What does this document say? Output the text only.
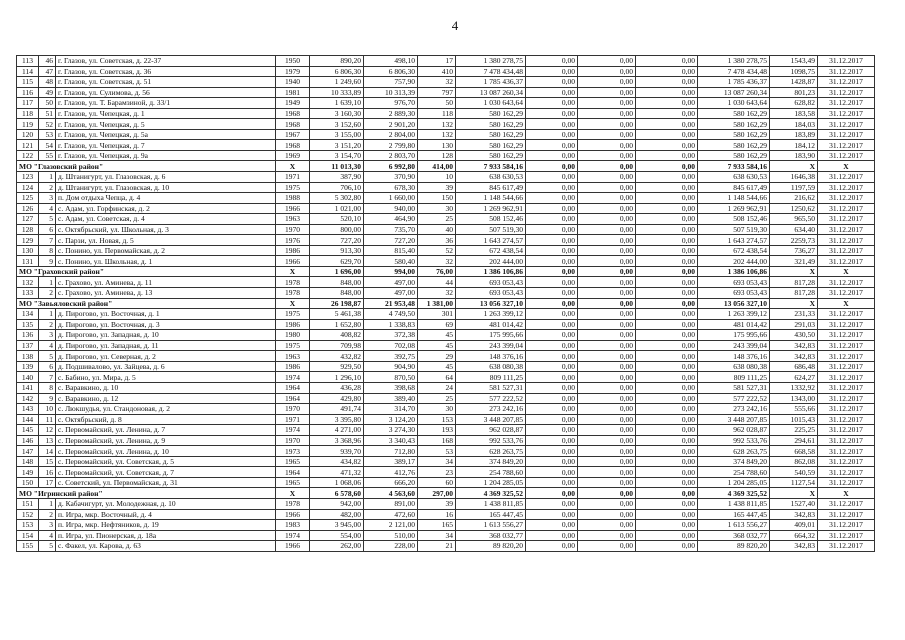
4
113	46	г. Глазов, ул. Советская, д. 22-37	1950	890,20	498,10	17	1 380 278,75	0,00	0,00	0,00	1 380 278,75	1543,49	31.12.2017
114	47	г. Глазов, ул. Советская, д. 36	1979	6 806,30	6 806,30	410	7 478 434,48	0,00	0,00	0,00	7 478 434,48	1098,75	31.12.2017
115	48	г. Глазов, ул. Советская, д. 51	1940	1 249,60	757,90	32	1 785 436,37	0,00	0,00	0,00	1 785 436,37	1428,87	31.12.2017
116	49	г. Глазов, ул. Сулимова, д. 56	1981	10 333,89	10 313,39	797	13 087 260,34	0,00	0,00	0,00	13 087 260,34	801,23	31.12.2017
117	50	г. Глазов, ул. Т. Барамзиной, д. 33/1	1949	1 639,10	976,70	50	1 030 643,64	0,00	0,00	0,00	1 030 643,64	628,82	31.12.2017
118	51	г. Глазов, ул. Чепецкая, д. 1	1968	3 160,30	2 889,30	118	580 162,29	0,00	0,00	0,00	580 162,29	183,58	31.12.2017
119	52	г. Глазов, ул. Чепецкая, д. 5	1968	3 152,60	2 901,20	132	580 162,29	0,00	0,00	0,00	580 162,29	184,03	31.12.2017
120	53	г. Глазов, ул. Чепецкая, д. 5а	1967	3 155,00	2 804,00	132	580 162,29	0,00	0,00	0,00	580 162,29	183,89	31.12.2017
121	54	г. Глазов, ул. Чепецкая, д. 7	1968	3 151,20	2 799,80	130	580 162,29	0,00	0,00	0,00	580 162,29	184,12	31.12.2017
122	55	г. Глазов, ул. Чепецкая, д. 9а	1969	3 154,70	2 803,70	128	580 162,29	0,00	0,00	0,00	580 162,29	183,90	31.12.2017
МО "Глазовский район"			X	11 013,30	6 992,80	414,00	7 933 584,16	0,00	0,00	0,00	7 933 584,16	X	X
123	1	д. Штанигурт, ул. Глазовская, д. 6	1971	387,90	370,90	10	638 630,53	0,00	0,00	0,00	638 630,53	1646,38	31.12.2017
124	2	д. Штанигурт, ул. Глазовская, д. 10	1975	706,10	678,30	39	845 617,49	0,00	0,00	0,00	845 617,49	1197,59	31.12.2017
125	3	п. Дом отдыха Чепца, д. 4	1988	5 302,80	1 660,00	150	1 148 544,66	0,00	0,00	0,00	1 148 544,66	216,62	31.12.2017
126	4	с. Адам, ул. Горфинская, д. 2	1966	1 021,00	940,00	30	1 269 962,91	0,00	0,00	0,00	1 269 962,91	1250,62	31.12.2017
127	5	с. Адам, ул. Советская, д. 4	1963	520,10	464,90	25	508 152,46	0,00	0,00	0,00	508 152,46	965,50	31.12.2017
128	6	с. Октябрьский, ул. Школьная, д. 3	1970	800,00	735,70	40	507 519,30	0,00	0,00	0,00	507 519,30	634,40	31.12.2017
129	7	с. Парзи, ул. Новая, д. 5	1976	727,20	727,20	36	1 643 274,57	0,00	0,00	0,00	1 643 274,57	2259,73	31.12.2017
130	8	с. Понино, ул. Первомайская, д. 2	1986	913,30	815,40	52	672 438,54	0,00	0,00	0,00	672 438,54	736,27	31.12.2017
131	9	с. Понино, ул. Школьная, д. 1	1966	629,70	580,40	32	202 444,00	0,00	0,00	0,00	202 444,00	321,49	31.12.2017
МО "Граховский район"			X	1 696,00	994,00	76,00	1 386 106,86	0,00	0,00	0,00	1 386 106,86	X	X
132	1	с. Грахово, ул. Аминева, д. 11	1978	848,00	497,00	44	693 053,43	0,00	0,00	0,00	693 053,43	817,28	31.12.2017
133	2	с. Грахово, ул. Аминева, д. 13	1978	848,00	497,00	32	693 053,43	0,00	0,00	0,00	693 053,43	817,28	31.12.2017
МО "Завьяловский район"			X	26 198,87	21 953,48	1 381,00	13 056 327,10	0,00	0,00	0,00	13 056 327,10	X	X
134	1	д. Пирогово, ул. Восточная, д. 1	1975	5 461,38	4 749,50	301	1 263 399,12	0,00	0,00	0,00	1 263 399,12	231,33	31.12.2017
135	2	д. Пирогово, ул. Восточная, д. 3	1986	1 652,80	1 338,83	69	481 014,42	0,00	0,00	0,00	481 014,42	291,03	31.12.2017
136	3	д. Пирогово, ул. Западная, д. 10	1980	408,82	372,38	45	175 995,66	0,00	0,00	0,00	175 995,66	430,50	31.12.2017
137	4	д. Пирогово, ул. Западная, д. 11	1975	709,98	702,08	45	243 399,04	0,00	0,00	0,00	243 399,04	342,83	31.12.2017
138	5	д. Пирогово, ул. Северная, д. 2	1963	432,82	392,75	29	148 376,16	0,00	0,00	0,00	148 376,16	342,83	31.12.2017
139	6	д. Подшивалово, ул. Зайцева, д. 6	1986	929,50	904,90	45	638 080,38	0,00	0,00	0,00	638 080,38	686,48	31.12.2017
140	7	с. Бабино, ул. Мира, д. 5	1974	1 296,10	870,50	64	809 111,25	0,00	0,00	0,00	809 111,25	624,27	31.12.2017
141	8	с. Варавкино, д. 10	1964	436,28	398,68	24	581 527,31	0,00	0,00	0,00	581 527,31	1332,92	31.12.2017
142	9	с. Варавкино, д. 12	1964	429,80	389,40	25	577 222,52	0,00	0,00	0,00	577 222,52	1343,00	31.12.2017
143	10	с. Люкшудья, ул. Стандоновая, д. 2	1970	491,74	314,70	30	273 242,16	0,00	0,00	0,00	273 242,16	555,66	31.12.2017
144	11	с. Октябрьский, д. 8	1971	3 395,80	3 124,20	153	3 448 207,85	0,00	0,00	0,00	3 448 207,85	1015,43	31.12.2017
145	12	с. Первомайский, ул. Ленина, д. 7	1974	4 271,00	3 274,30	193	962 028,87	0,00	0,00	0,00	962 028,87	225,25	31.12.2017
146	13	с. Первомайский, ул. Ленина, д. 9	1970	3 368,96	3 340,43	168	992 533,76	0,00	0,00	0,00	992 533,76	294,61	31.12.2017
147	14	с. Первомайский, ул. Ленина, д. 10	1973	939,70	712,80	53	628 263,75	0,00	0,00	0,00	628 263,75	668,58	31.12.2017
148	15	с. Первомайский, ул. Советская, д. 5	1965	434,82	389,17	34	374 849,20	0,00	0,00	0,00	374 849,20	862,08	31.12.2017
149	16	с. Первомайский, ул. Советская, д. 7	1964	471,32	412,76	23	254 788,60	0,00	0,00	0,00	254 788,60	540,59	31.12.2017
150	17	с. Советский, ул. Первомайская, д. 31	1965	1 068,06	666,20	60	1 204 285,05	0,00	0,00	0,00	1 204 285,05	1127,54	31.12.2017
МО "Игринский район"			X	6 578,60	4 563,60	297,00	4 369 325,52	0,00	0,00	0,00	4 369 325,52	X	X
151	1	д. Кабачигурт, ул. Молодежная, д. 10	1978	942,00	891,00	39	1 438 811,85	0,00	0,00	0,00	1 438 811,85	1527,40	31.12.2017
152	2	п. Игра, мкр. Восточный, д. 4	1966	482,00	472,60	16	165 447,45	0,00	0,00	0,00	165 447,45	342,83	31.12.2017
153	3	п. Игра, мкр. Нефтяников, д. 19	1983	3 945,00	2 121,00	165	1 613 556,27	0,00	0,00	0,00	1 613 556,27	409,01	31.12.2017
154	4	п. Игра, ул. Пионерская, д. 18а	1974	554,00	510,00	34	368 032,77	0,00	0,00	0,00	368 032,77	664,32	31.12.2017
155	5	с. Факел, ул. Карова, д. 63	1966	262,00	228,00	21	89 820,20	0,00	0,00	0,00	89 820,20	342,83	31.12.2017
